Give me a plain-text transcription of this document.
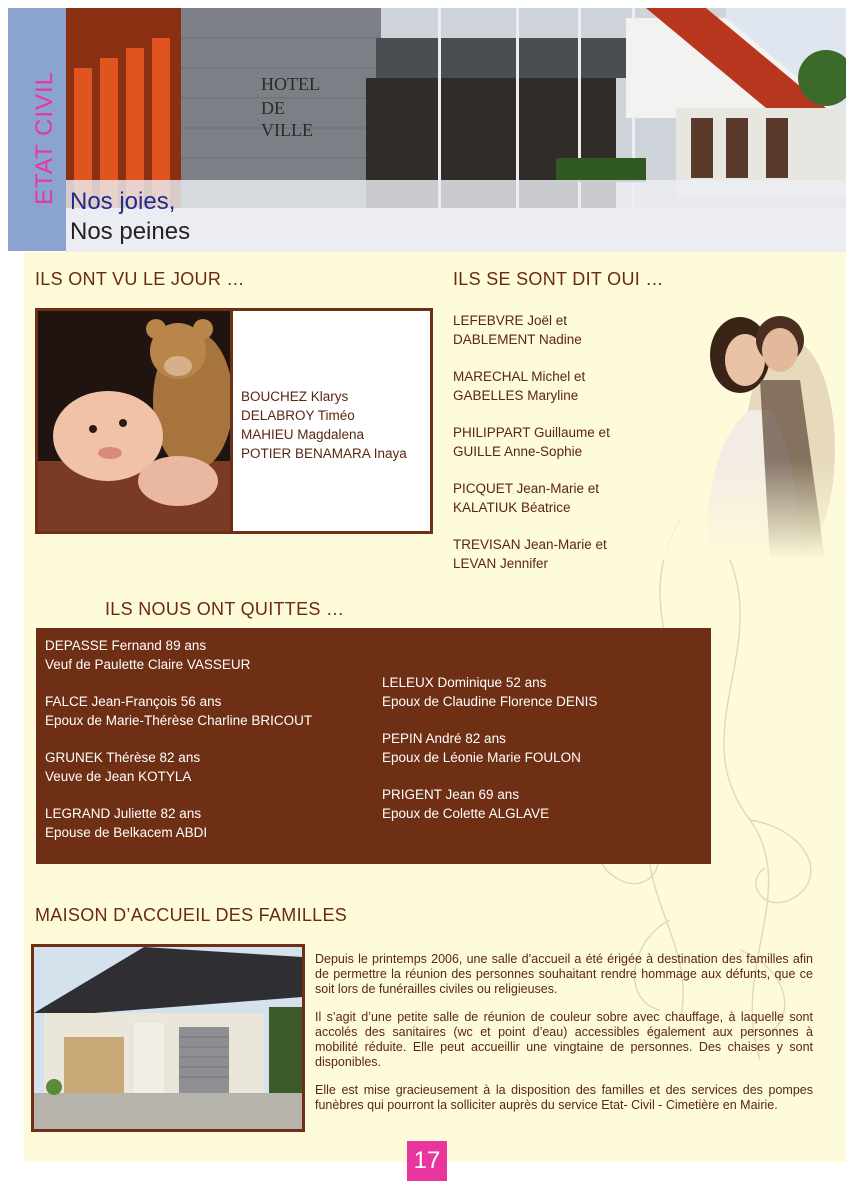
ETAT CIVIL	HOTEL
DE
VILLE
Nos joies,
Nos peines
ILS ONT VU LE JOUR …
BOUCHEZ Klarys
DELABROY Timéo
MAHIEU Magdalena
POTIER BENAMARA Inaya
ILS SE SONT DIT OUI …
LEFEBVRE Joël et
DABLEMENT Nadine
MARECHAL Michel et
GABELLES Maryline
PHILIPPART Guillaume et
GUILLE Anne-Sophie
PICQUET Jean-Marie et
KALATIUK Béatrice
TREVISAN Jean-Marie et
LEVAN Jennifer
ILS NOUS ONT QUITTES …
DEPASSE Fernand 89 ans
Veuf de Paulette Claire VASSEUR
FALCE Jean-François 56 ans
Epoux de Marie-Thérèse Charline BRICOUT
GRUNEK Thérèse 82 ans
Veuve de Jean KOTYLA
LEGRAND Juliette 82 ans
Epouse de Belkacem ABDI
LELEUX Dominique 52 ans
Epoux de Claudine Florence DENIS
PEPIN André 82 ans
Epoux de Léonie Marie FOULON
PRIGENT Jean 69 ans
Epoux de Colette ALGLAVE
MAISON D’ACCUEIL DES FAMILLES

Depuis le printemps 2006, une salle d’accueil a été érigée à destination des familles afin de permettre la réunion des personnes souhaitant rendre hommage aux défunts, que ce soit lors de funérailles civiles ou religieuses.

Il s’agit d’une petite salle de réunion de couleur sobre avec chauffage, à laquelle sont accolés des sanitaires (wc et point d’eau) accessibles également aux personnes à mobilité réduite. Elle peut accueillir une vingtaine de personnes. Des chaises y sont disponibles.

Elle est mise gracieusement à la disposition des familles et des services des pompes funèbres qui pourront la solliciter auprès du service Etat- Civil - Cimetière en Mairie.

17
